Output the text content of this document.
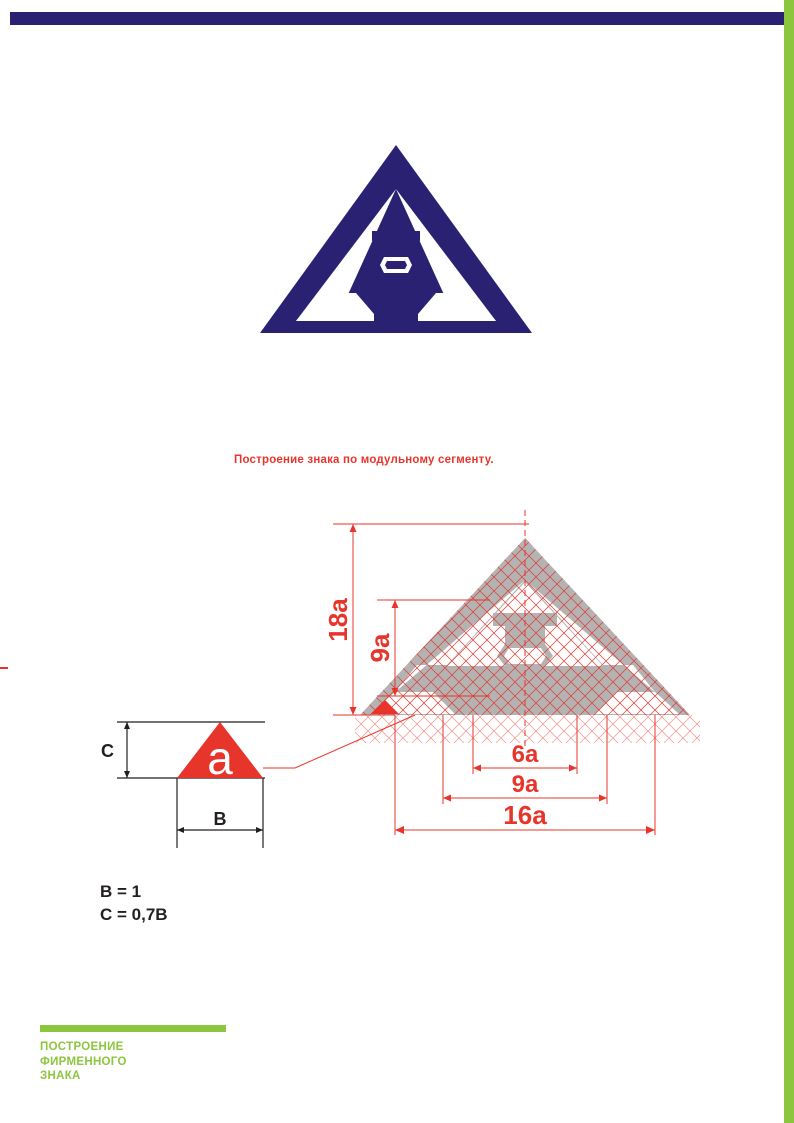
Построение знака по модульному сегменту.
C a
B
18a
9a
6a
9a
16a
B = 1
C = 0,7B
ПОСТРОЕНИЕ
ФИРМЕННОГО
ЗНАКА
